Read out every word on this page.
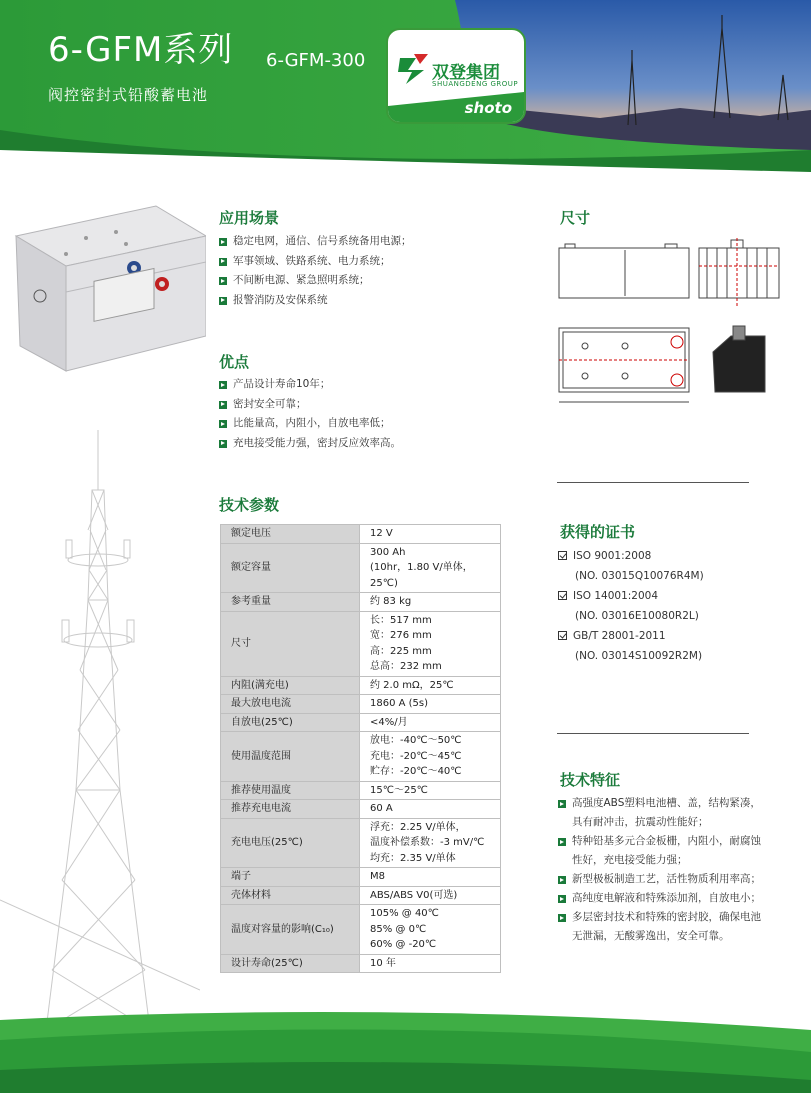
6-GFM系列
阀控密封式铅酸蓄电池
6-GFM-300
双登集团
SHUANGDENG GROUP
shoto
应用场景
稳定电网，通信、信号系统备用电源；
军事领域、铁路系统、电力系统；
不间断电源、紧急照明系统；
报警消防及安保系统
优点
产品设计寿命10年；
密封安全可靠；
比能量高，内阻小，自放电率低；
充电接受能力强，密封反应效率高。
技术参数
额定电压	12 V

额定容量	300 Ah
(10hr，1.80 V/单体，25℃)

参考重量	约 83 kg

尺寸	长：517 mm
宽：276 mm
高：225 mm
总高：232 mm

内阻(满充电)	约 2.0 mΩ，25℃

最大放电电流	1860 A (5s)

自放电(25℃)	<4%/月

使用温度范围	放电：-40℃～50℃
充电：-20℃～45℃
贮存：-20℃～40℃

推荐使用温度	15℃～25℃

推荐充电电流	60 A

充电电压(25℃)	浮充：2.25 V/单体，
温度补偿系数：-3 mV/℃
均充：2.35 V/单体

端子	M8

壳体材料	ABS/ABS V0(可选)

温度对容量的影响(C₁₀)	105% @ 40℃
85% @ 0℃
60% @ -20℃

设计寿命(25℃)	10 年
尺寸
获得的证书
ISO 9001:2008
(NO. 03015Q10076R4M)
ISO 14001:2004
(NO. 03016E10080R2L)
GB/T 28001-2011
(NO. 03014S10092R2M)
技术特征
高强度ABS塑料电池槽、盖，结构紧凑，
具有耐冲击，抗震动性能好；
特种铅基多元合金板栅，内阻小，耐腐蚀
性好，充电接受能力强；
新型极板制造工艺，活性物质利用率高；
高纯度电解液和特殊添加剂，自放电小；
多层密封技术和特殊的密封胶，确保电池
无泄漏，无酸雾逸出，安全可靠。
